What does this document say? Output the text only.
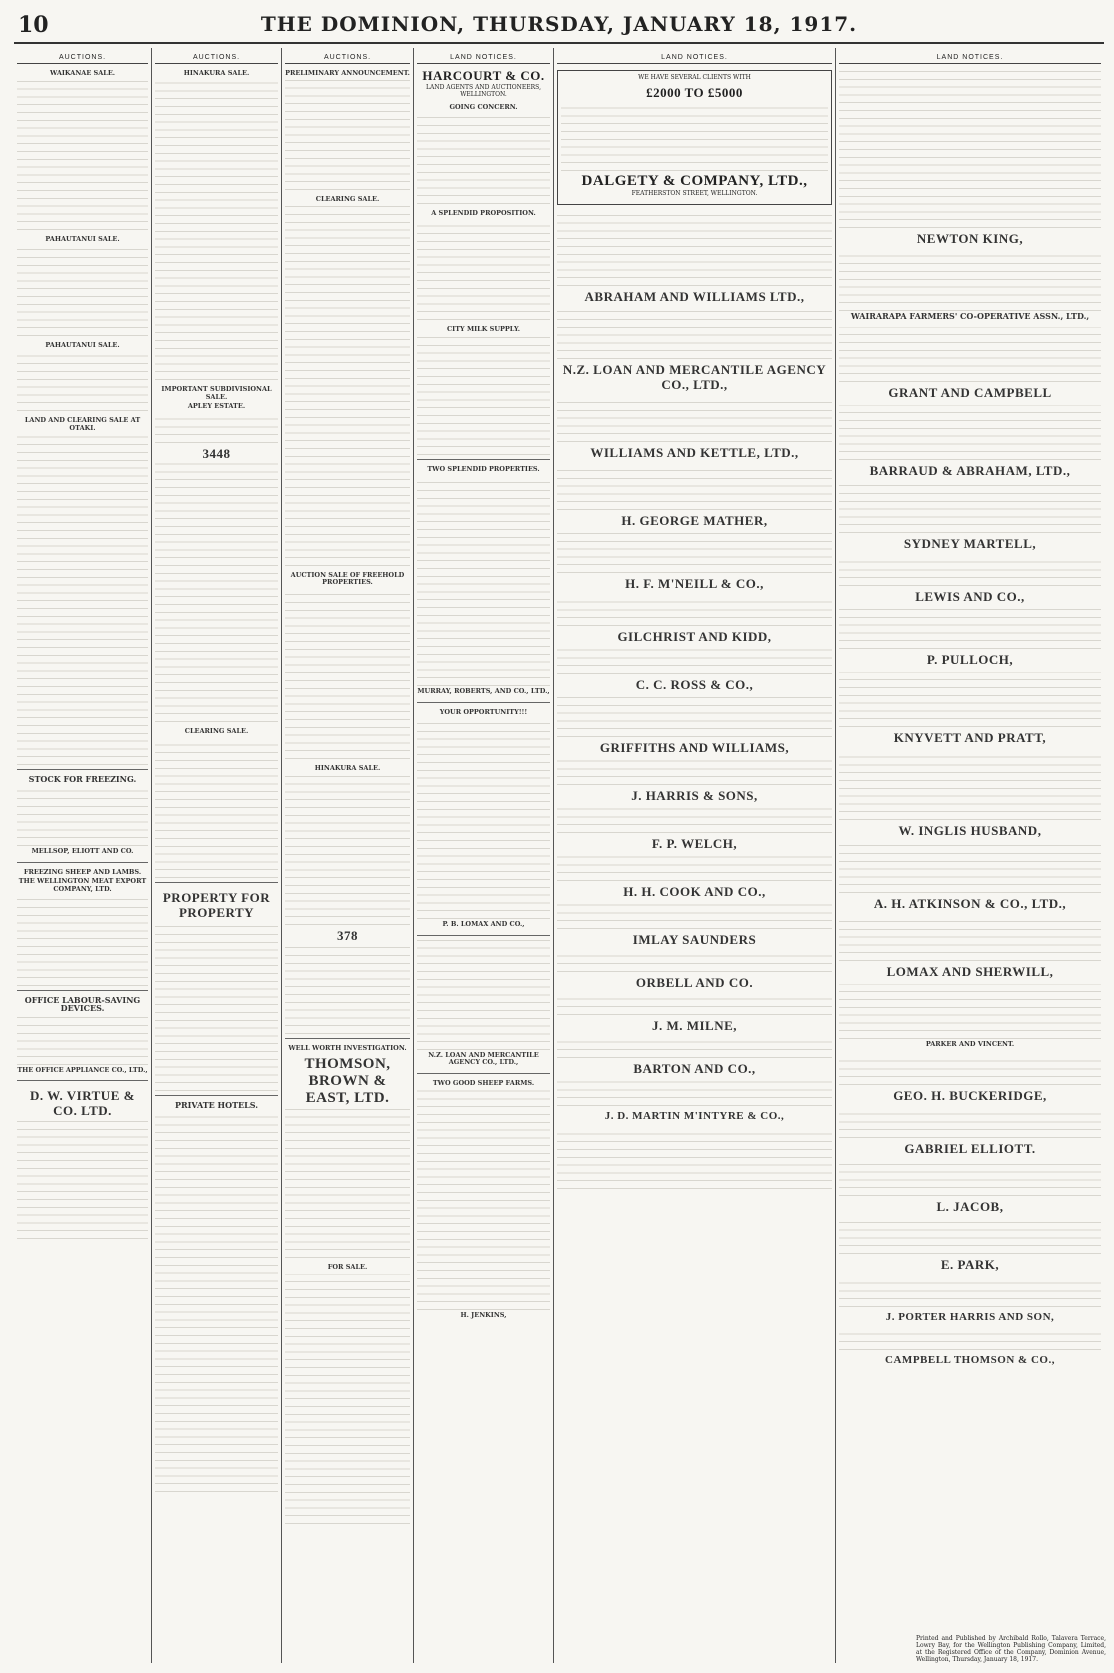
10	THE DOMINION, THURSDAY, JANUARY 18, 1917.
AUCTIONS.
WAIKANAE SALE.
PAHAUTANUI SALE.
PAHAUTANUI SALE.
LAND AND CLEARING SALE AT OTAKI.
STOCK FOR FREEZING.
MELLSOP, ELIOTT AND CO.
FREEZING SHEEP AND LAMBS.
THE WELLINGTON MEAT EXPORT COMPANY, LTD.
OFFICE LABOUR-SAVING DEVICES.
THE OFFICE APPLIANCE CO., LTD.,
D. W. VIRTUE & CO. LTD.
AUCTIONS.
HINAKURA SALE.
IMPORTANT SUBDIVISIONAL SALE.
APLEY ESTATE.
3448
CLEARING SALE.
PROPERTY FOR PROPERTY
PRIVATE HOTELS.
AUCTIONS.
PRELIMINARY ANNOUNCEMENT.
CLEARING SALE.
AUCTION SALE OF FREEHOLD PROPERTIES.
HINAKURA SALE.
378
WELL WORTH INVESTIGATION.
THOMSON, BROWN & EAST, LTD.
FOR SALE.
LAND NOTICES.
HARCOURT & CO.
LAND AGENTS AND AUCTIONEERS, WELLINGTON.
GOING CONCERN.
A SPLENDID PROPOSITION.
CITY MILK SUPPLY.
TWO SPLENDID PROPERTIES.
MURRAY, ROBERTS, AND CO., LTD.,
YOUR OPPORTUNITY!!!
P. B. LOMAX AND CO.,
N.Z. LOAN AND MERCANTILE AGENCY CO., LTD.,
TWO GOOD SHEEP FARMS.
H. JENKINS,
LAND NOTICES.
WE HAVE SEVERAL CLIENTS WITH
£2000 TO £5000
DALGETY & COMPANY, LTD.,
FEATHERSTON STREET, WELLINGTON.
ABRAHAM AND WILLIAMS LTD.,
N.Z. LOAN AND MERCANTILE AGENCY CO., LTD.,
WILLIAMS AND KETTLE, LTD.,
H. GEORGE MATHER,
H. F. M'NEILL & CO.,
GILCHRIST AND KIDD,
C. C. ROSS & CO.,
GRIFFITHS AND WILLIAMS,
J. HARRIS & SONS,
F. P. WELCH,
H. H. COOK AND CO.,
IMLAY SAUNDERS
ORBELL AND CO.
J. M. MILNE,
BARTON AND CO.,
J. D. MARTIN M'INTYRE & CO.,
LAND NOTICES.
NEWTON KING,
WAIRARAPA FARMERS' CO-OPERATIVE ASSN., LTD.,
GRANT AND CAMPBELL
BARRAUD & ABRAHAM, LTD.,
SYDNEY MARTELL,
LEWIS AND CO.,
P. PULLOCH,
KNYVETT AND PRATT,
W. INGLIS HUSBAND,
A. H. ATKINSON & CO., LTD.,
LOMAX AND SHERWILL,
PARKER AND VINCENT.
GEO. H. BUCKERIDGE,
GABRIEL ELLIOTT.
L. JACOB,
E. PARK,
J. PORTER HARRIS AND SON,
CAMPBELL THOMSON & CO.,
Printed and Published by Archibald Rollo, Talavera Terrace, Lowry Bay, for the Wellington Publishing Company, Limited, at the Registered Office of the Company, Dominion Avenue, Wellington, Thursday, January 18, 1917.
